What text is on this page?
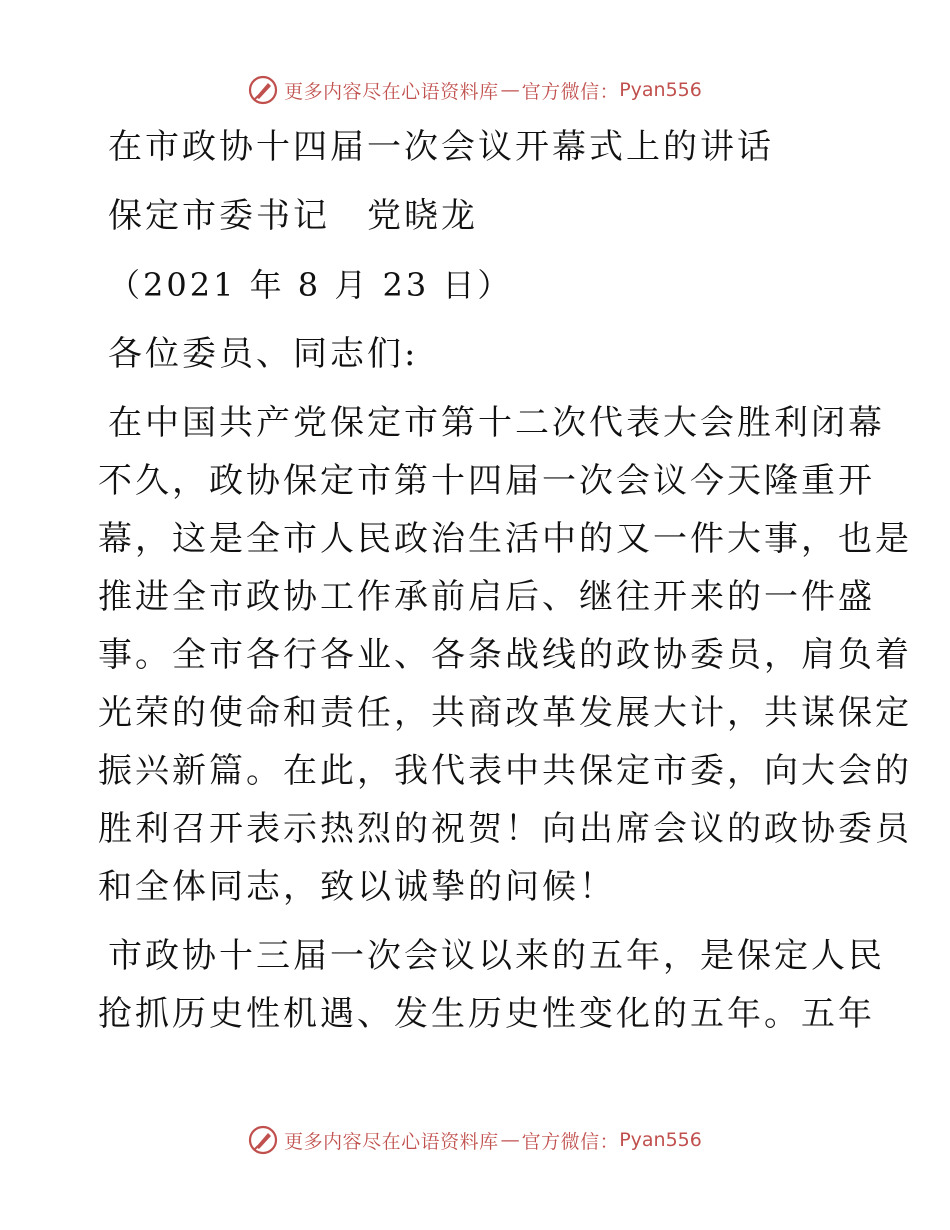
更多内容尽在心语资料库 — 官方微信： Pyan556

在市政协十四届一次会议开幕式上的讲话

保定市委书记　党晓龙

（2021 年 8 月 23 日）

各位委员、同志们:

在中国共产党保定市第十二次代表大会胜利闭幕
不久，政协保定市第十四届一次会议今天隆重开
幕，这是全市人民政治生活中的又一件大事，也是
推进全市政协工作承前启后、继往开来的一件盛
事。全市各行各业、各条战线的政协委员，肩负着
光荣的使命和责任，共商改革发展大计，共谋保定
振兴新篇。在此，我代表中共保定市委，向大会的
胜利召开表示热烈的祝贺！向出席会议的政协委员
和全体同志，致以诚挚的问候！
市政协十三届一次会议以来的五年，是保定人民
抢抓历史性机遇、发生历史性变化的五年。五年
更多内容尽在心语资料库 — 官方微信： Pyan556
